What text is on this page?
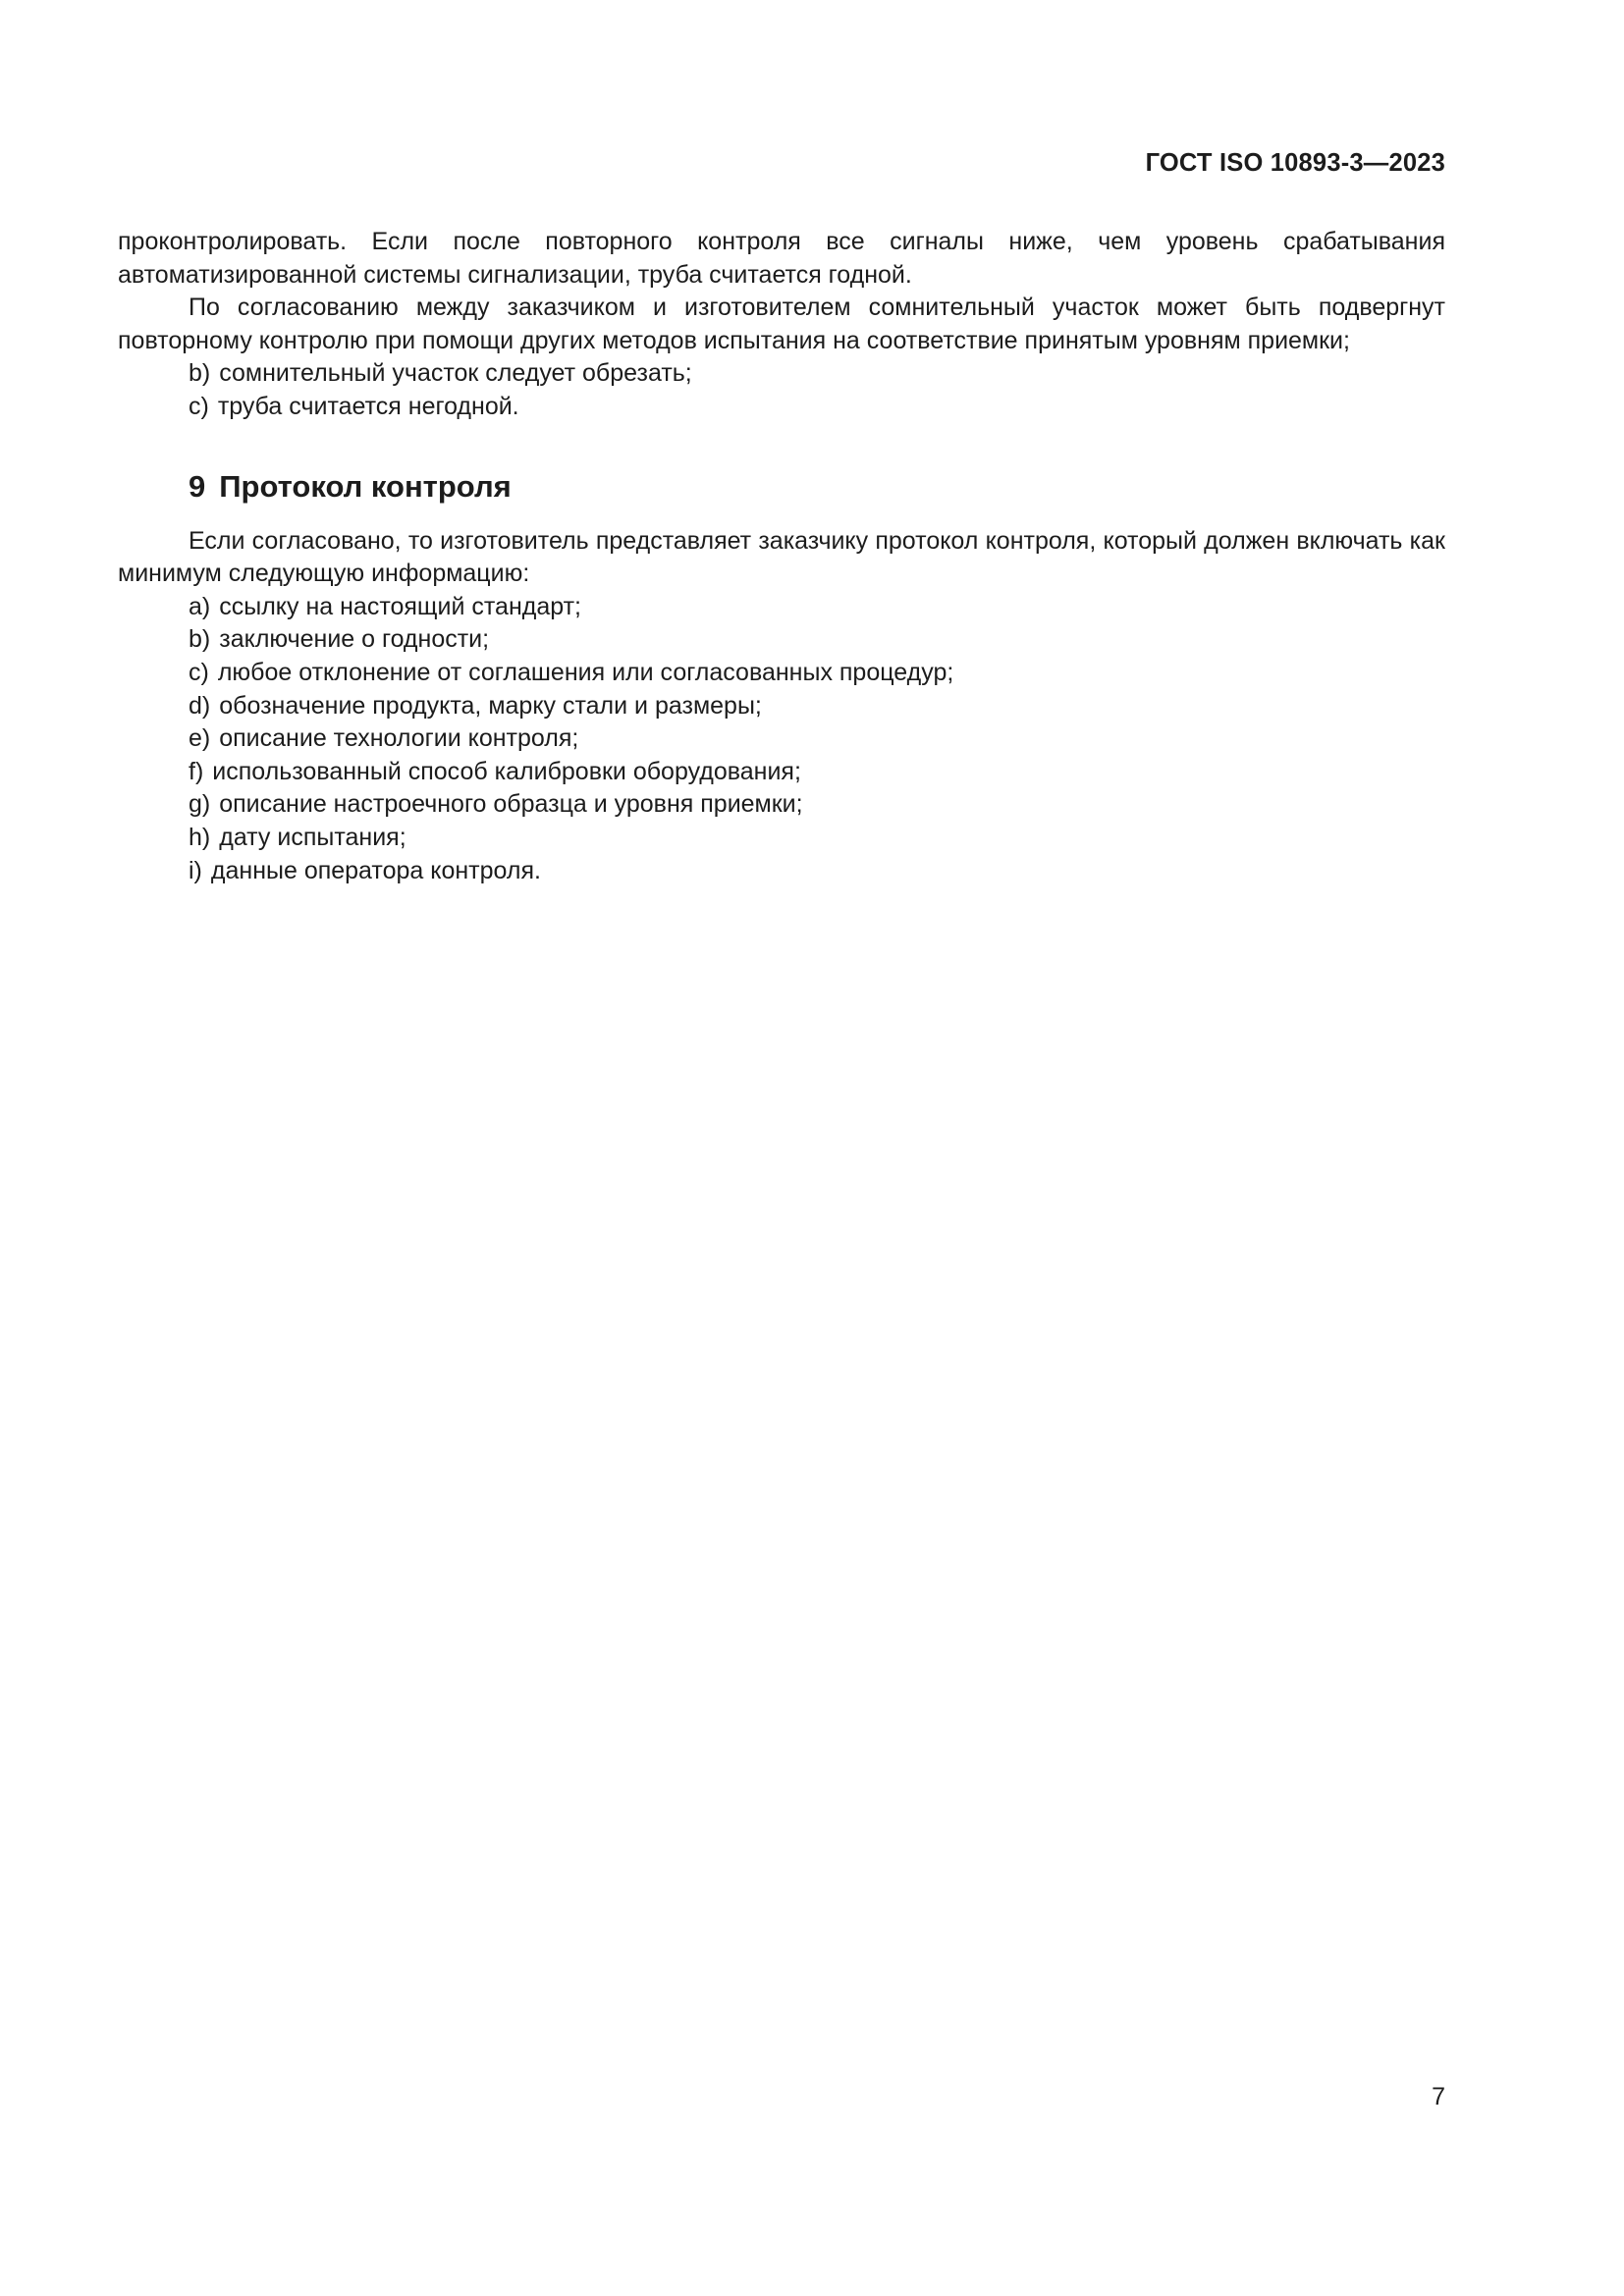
ГОСТ ISO 10893-3—2023

проконтролировать. Если после повторного контроля все сигналы ниже, чем уровень срабатывания автоматизированной системы сигнализации, труба считается годной.

По согласованию между заказчиком и изготовителем сомнительный участок может быть подвергнут повторному контролю при помощи других методов испытания на соответствие принятым уровням приемки;

b) сомнительный участок следует обрезать;
c) труба считается негодной.
9 Протокол контроля

Если согласовано, то изготовитель представляет заказчику протокол контроля, который должен включать как минимум следующую информацию:

a) ссылку на настоящий стандарт;
b) заключение о годности;
c) любое отклонение от соглашения или согласованных процедур;
d) обозначение продукта, марку стали и размеры;
e) описание технологии контроля;
f) использованный способ калибровки оборудования;
g) описание настроечного образца и уровня приемки;
h) дату испытания;
i) данные оператора контроля.
7
